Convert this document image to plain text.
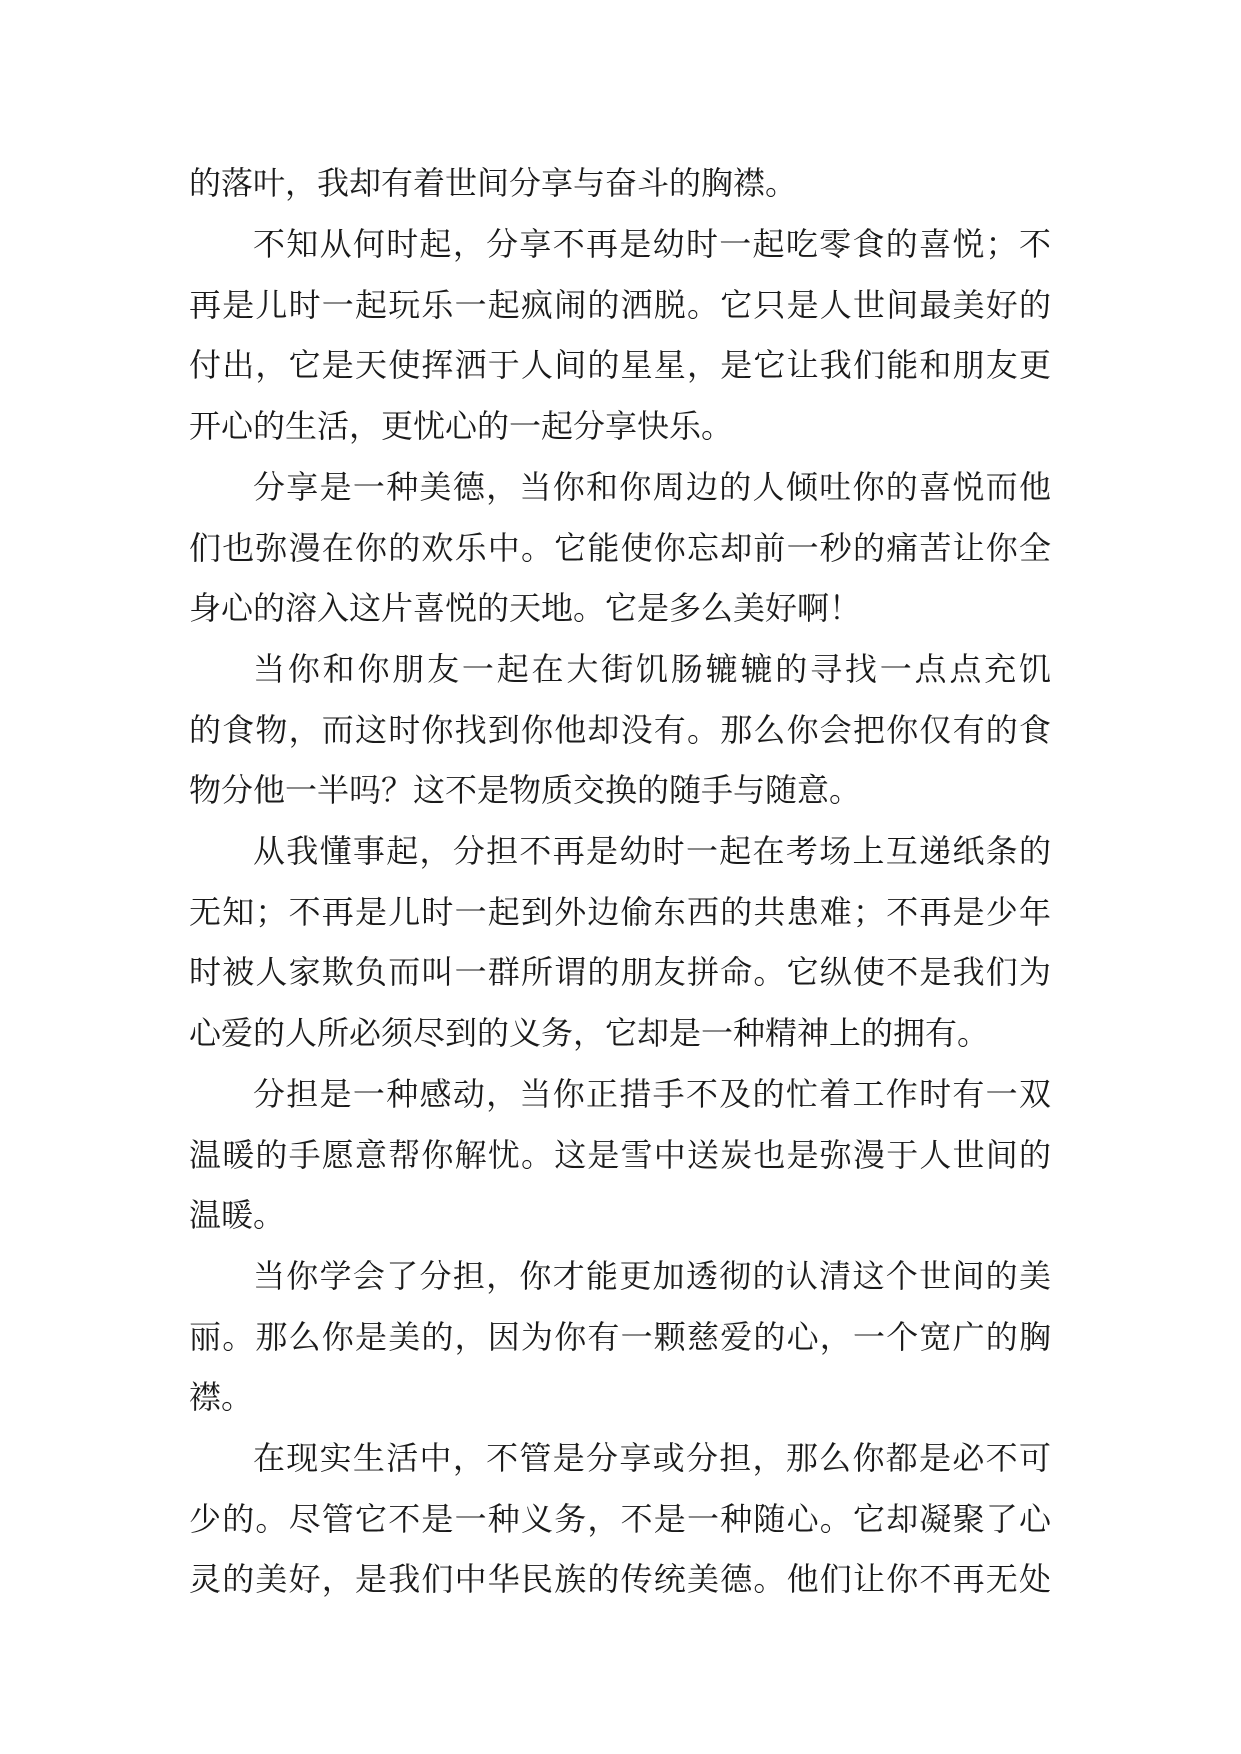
的落叶，我却有着世间分享与奋斗的胸襟。
不知从何时起，分享不再是幼时一起吃零食的喜悦；不
再是儿时一起玩乐一起疯闹的洒脱。它只是人世间最美好的
付出，它是天使挥洒于人间的星星，是它让我们能和朋友更
开心的生活，更忧心的一起分享快乐。
分享是一种美德，当你和你周边的人倾吐你的喜悦而他
们也弥漫在你的欢乐中。它能使你忘却前一秒的痛苦让你全
身心的溶入这片喜悦的天地。它是多么美好啊！
当你和你朋友一起在大街饥肠辘辘的寻找一点点充饥
的食物，而这时你找到你他却没有。那么你会把你仅有的食
物分他一半吗？这不是物质交换的随手与随意。
从我懂事起，分担不再是幼时一起在考场上互递纸条的
无知；不再是儿时一起到外边偷东西的共患难；不再是少年
时被人家欺负而叫一群所谓的朋友拼命。它纵使不是我们为
心爱的人所必须尽到的义务，它却是一种精神上的拥有。
分担是一种感动，当你正措手不及的忙着工作时有一双
温暖的手愿意帮你解忧。这是雪中送炭也是弥漫于人世间的
温暖。
当你学会了分担，你才能更加透彻的认清这个世间的美
丽。那么你是美的，因为你有一颗慈爱的心，一个宽广的胸
襟。
在现实生活中，不管是分享或分担，那么你都是必不可
少的。尽管它不是一种义务，不是一种随心。它却凝聚了心
灵的美好，是我们中华民族的传统美德。他们让你不再无处
